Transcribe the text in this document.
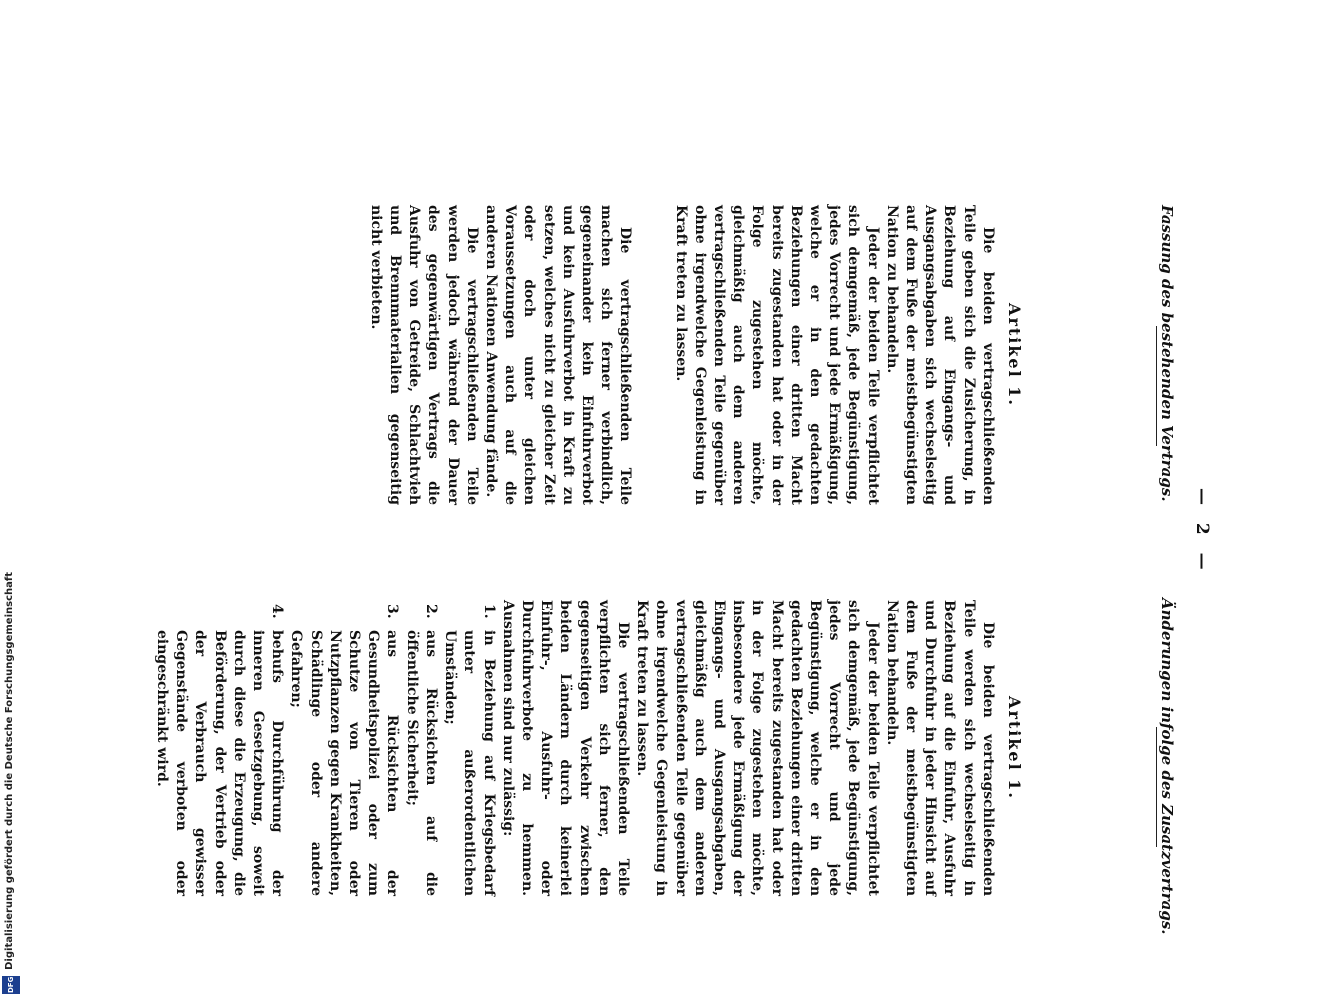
Fassung des bestehenden Vertrags.
— 2 —
Änderungen infolge des Zusatzvertrags.
Artikel 1.

Die beiden vertragschließenden Teile geben sich die Zusicherung, in Beziehung auf Eingangs- und Ausgangsabgaben sich wechselseitig auf dem Fuße der meistbegünstigten Nation zu behandeln.

Jeder der beiden Teile verpflichtet sich demgemäß, jede Begünstigung, jedes Vorrecht und jede Ermäßigung, welche er in den gedachten Beziehungen einer dritten Macht bereits zugestanden hat oder in der Folge zugestehen möchte, gleichmäßig auch dem anderen vertragschließenden Teile gegenüber ohne irgendwelche Gegenleistung in Kraft treten zu lassen.

Die vertragschließenden Teile machen sich ferner verbindlich, gegeneinander kein Einfuhrverbot und kein Ausfuhrverbot in Kraft zu setzen, welches nicht zu gleicher Zeit oder doch unter gleichen Voraussetzungen auch auf die anderen Nationen Anwendung fände.

Die vertragschließenden Teile werden jedoch während der Dauer des gegenwärtigen Vertrags die Ausfuhr von Getreide, Schlachtvieh und Brennmaterialien gegenseitig nicht verbieten.

Artikel 1.

Die beiden vertragschließenden Teile werden sich wechselseitig in Beziehung auf die Einfuhr, Ausfuhr und Durchfuhr in jeder Hinsicht auf dem Fuße der meistbegünstigten Nation behandeln.

Jeder der beiden Teile verpflichtet sich demgemäß, jede Begünstigung, jedes Vorrecht und jede Begünstigung, welche er in den gedachten Beziehungen einer dritten Macht bereits zugestanden hat oder in der Folge zugestehen möchte, insbesondere jede Ermäßigung der Eingangs- und Ausgangsabgaben, gleichmäßig auch dem anderen vertragschließenden Teile gegenüber ohne irgendwelche Gegenleistung in Kraft treten zu lassen.

Die vertragschließenden Teile verpflichten sich ferner, den gegenseitigen Verkehr zwischen beiden Ländern durch keinerlei Einfuhr-, Ausfuhr- oder Durchfuhrverbote zu hemmen. Ausnahmen sind nur zulässig:

1.
in Beziehung auf Kriegsbedarf unter außerordentlichen Umständen;
2.
aus Rücksichten auf die öffentliche Sicherheit;
3.
aus Rücksichten der Gesundheitspolizei oder zum Schutze von Tieren oder Nutzpflanzen gegen Krankheiten, Schädlinge oder andere Gefahren;
4.
behufs Durchführung der inneren Gesetzgebung, soweit durch diese die Erzeugung, die Beförderung, der Vertrieb oder der Verbrauch gewisser Gegenstände verboten oder eingeschränkt wird.
Digitalisierung gefördert durch die Deutsche Forschungsgemeinschaft
DFG
